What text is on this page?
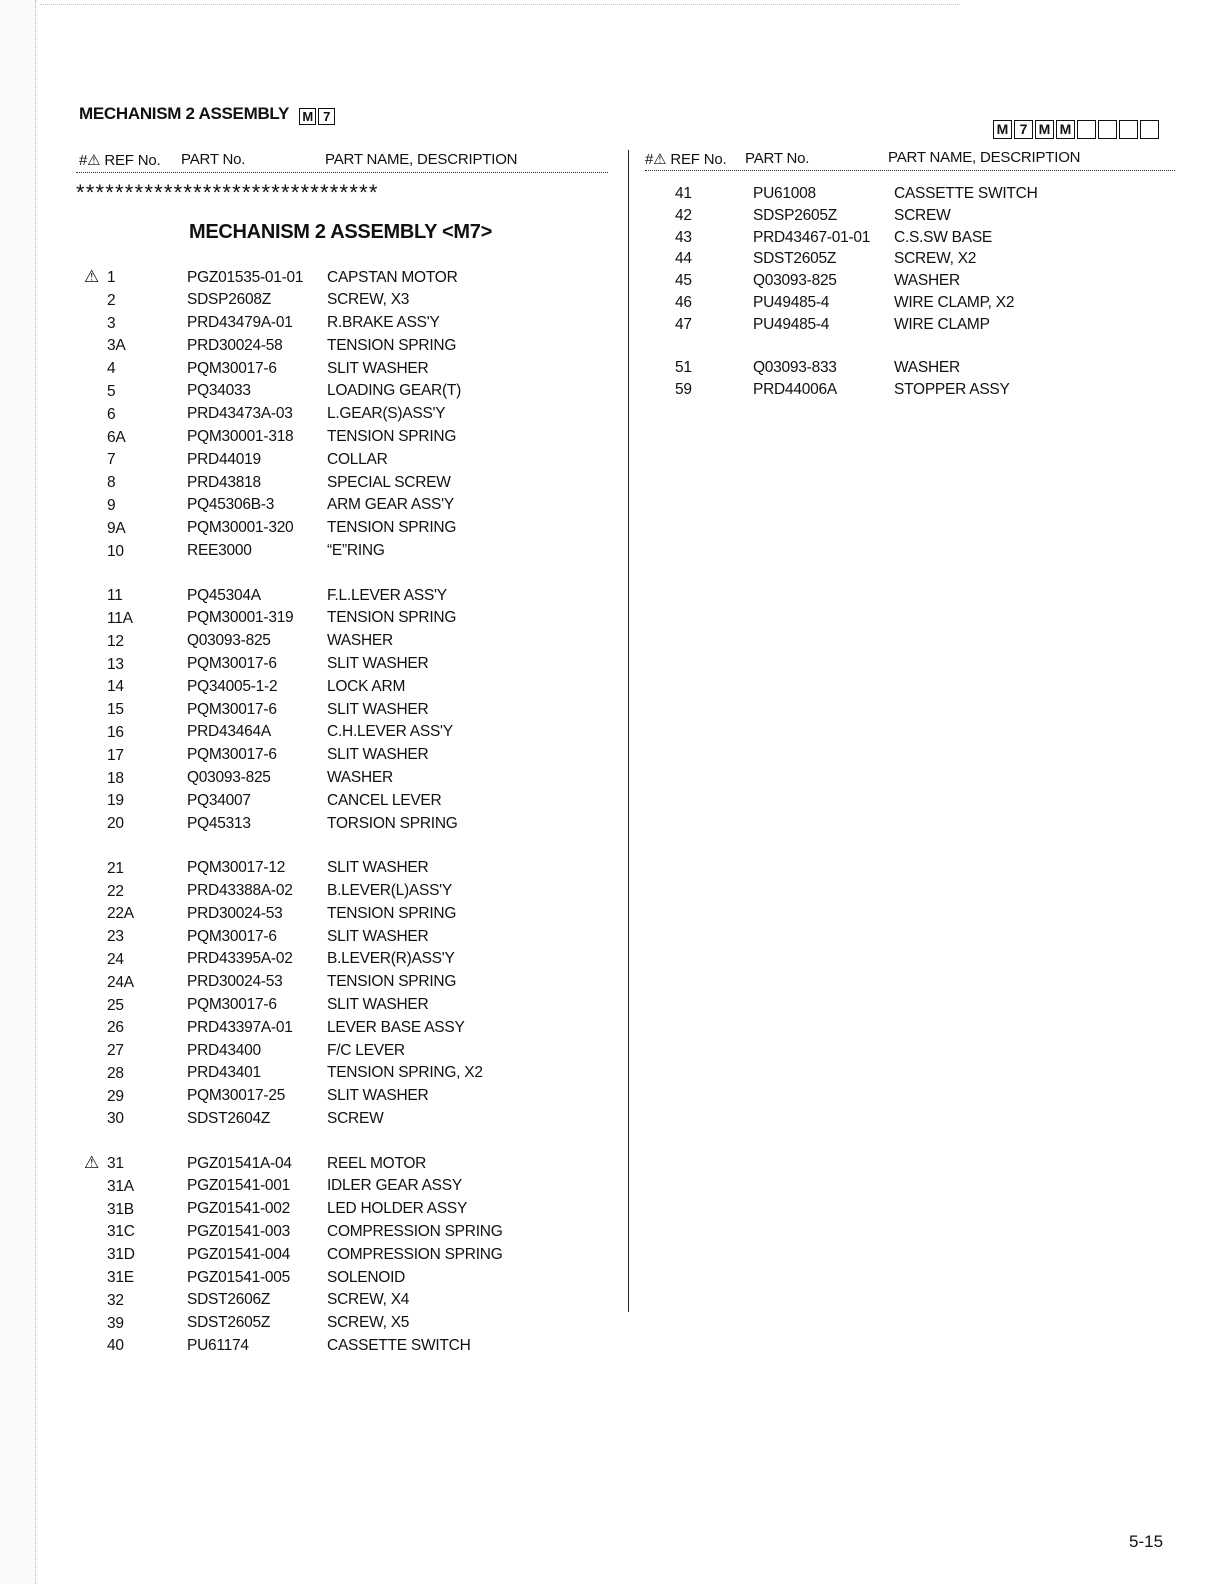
MECHANISM 2 ASSEMBLY M 7
M 7 M M
#⚠ REF No. PART No.	PART NAME, DESCRIPTION	#⚠ REF No. PART No.	PART NAME, DESCRIPTION
*******************************
MECHANISM 2 ASSEMBLY <M7>
⚠ 1	PGZ01535-01-01	CAPSTAN MOTOR
2	SDSP2608Z	SCREW, X3
3	PRD43479A-01	R.BRAKE ASS'Y
3A	PRD30024-58	TENSION SPRING
4	PQM30017-6	SLIT WASHER
5	PQ34033	LOADING GEAR(T)
6	PRD43473A-03	L.GEAR(S)ASS'Y
6A	PQM30001-318	TENSION SPRING
7	PRD44019	COLLAR
8	PRD43818	SPECIAL SCREW
9	PQ45306B-3	ARM GEAR ASS'Y
9A	PQM30001-320	TENSION SPRING
10	REE3000	“E”RING

11	PQ45304A	F.L.LEVER ASS'Y
11A	PQM30001-319	TENSION SPRING
12	Q03093-825	WASHER
13	PQM30017-6	SLIT WASHER
14	PQ34005-1-2	LOCK ARM
15	PQM30017-6	SLIT WASHER
16	PRD43464A	C.H.LEVER ASS'Y
17	PQM30017-6	SLIT WASHER
18	Q03093-825	WASHER
19	PQ34007	CANCEL LEVER
20	PQ45313	TORSION SPRING

21	PQM30017-12	SLIT WASHER
22	PRD43388A-02	B.LEVER(L)ASS'Y
22A	PRD30024-53	TENSION SPRING
23	PQM30017-6	SLIT WASHER
24	PRD43395A-02	B.LEVER(R)ASS'Y
24A	PRD30024-53	TENSION SPRING
25	PQM30017-6	SLIT WASHER
26	PRD43397A-01	LEVER BASE ASSY
27	PRD43400	F/C LEVER
28	PRD43401	TENSION SPRING, X2
29	PQM30017-25	SLIT WASHER
30	SDST2604Z	SCREW

⚠ 31	PGZ01541A-04	REEL MOTOR
31A	PGZ01541-001	IDLER GEAR ASSY
31B	PGZ01541-002	LED HOLDER ASSY
31C	PGZ01541-003	COMPRESSION SPRING
31D	PGZ01541-004	COMPRESSION SPRING
31E	PGZ01541-005	SOLENOID
32	SDST2606Z	SCREW, X4
39	SDST2605Z	SCREW, X5
40	PU61174	CASSETTE SWITCH
41	PU61008	CASSETTE SWITCH
42	SDSP2605Z	SCREW
43	PRD43467-01-01	C.S.SW BASE
44	SDST2605Z	SCREW, X2
45	Q03093-825	WASHER
46	PU49485-4	WIRE CLAMP, X2
47	PU49485-4	WIRE CLAMP

51	Q03093-833	WASHER
59	PRD44006A	STOPPER ASSY
5-15
